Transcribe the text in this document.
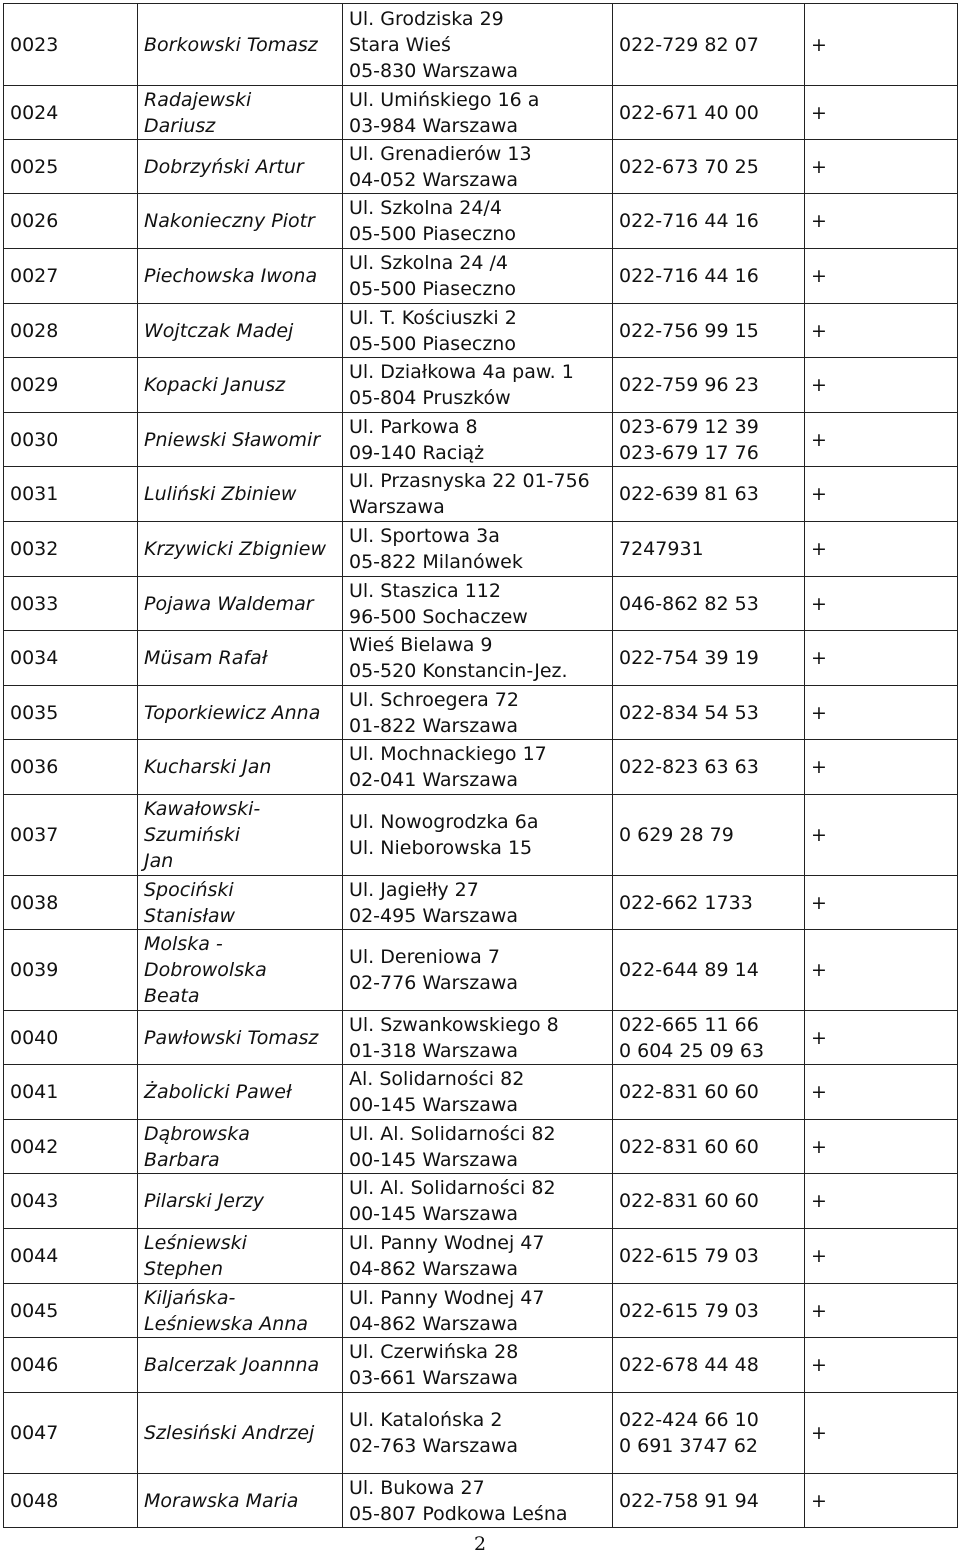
0023	Borkowski Tomasz	Ul. Grodziska 29
Stara Wieś
05-830 Warszawa	022-729 82 07	+
0024	Radajewski
Dariusz	Ul. Umińskiego 16 a
03-984 Warszawa	022-671 40 00	+
0025	Dobrzyński Artur	Ul. Grenadierów 13
04-052 Warszawa	022-673 70 25	+
0026	Nakonieczny Piotr	Ul. Szkolna 24/4
05-500 Piaseczno	022-716 44 16	+
0027	Piechowska Iwona	Ul. Szkolna 24 /4
05-500 Piaseczno	022-716 44 16	+
0028	Wojtczak Madej	Ul. T. Kościuszki 2
05-500 Piaseczno	022-756 99 15	+
0029	Kopacki Janusz	Ul. Działkowa 4a paw. 1
05-804 Pruszków	022-759 96 23	+
0030	Pniewski Sławomir	Ul. Parkowa 8
09-140 Raciąż	023-679 12 39
023-679 17 76	+
0031	Luliński Zbiniew	Ul. Przasnyska 22 01-756
Warszawa	022-639 81 63	+
0032	Krzywicki Zbigniew	Ul. Sportowa 3a
05-822 Milanówek	7247931	+
0033	Pojawa Waldemar	Ul. Staszica 112
96-500 Sochaczew	046-862 82 53	+
0034	Müsam Rafał	Wieś Bielawa 9
05-520 Konstancin-Jez.	022-754 39 19	+
0035	Toporkiewicz Anna	Ul. Schroegera 72
01-822 Warszawa	022-834 54 53	+
0036	Kucharski Jan	Ul. Mochnackiego 17
02-041 Warszawa	022-823 63 63	+
0037	Kawałowski-
Szumiński
Jan	Ul. Nowogrodzka 6a
Ul. Nieborowska 15	0 629 28 79	+
0038	Spociński
Stanisław	Ul. Jagiełły 27
02-495 Warszawa	022-662 1733	+
0039	Molska -
Dobrowolska
Beata	Ul. Dereniowa 7
02-776 Warszawa	022-644 89 14	+
0040	Pawłowski Tomasz	Ul. Szwankowskiego 8
01-318 Warszawa	022-665 11 66
0 604 25 09 63	+
0041	Żabolicki Paweł	Al. Solidarności 82
00-145 Warszawa	022-831 60 60	+
0042	Dąbrowska
Barbara	Ul. Al. Solidarności 82
00-145 Warszawa	022-831 60 60	+
0043	Pilarski Jerzy	Ul. Al. Solidarności 82
00-145 Warszawa	022-831 60 60	+
0044	Leśniewski
Stephen	Ul. Panny Wodnej 47
04-862 Warszawa	022-615 79 03	+
0045	Kiljańska-
Leśniewska Anna	Ul. Panny Wodnej 47
04-862 Warszawa	022-615 79 03	+
0046	Balcerzak Joannna	Ul. Czerwińska 28
03-661 Warszawa	022-678 44 48	+
0047	Szlesiński Andrzej	Ul. Katalońska 2
02-763 Warszawa	022-424 66 10
0 691 3747 62	+
0048	Morawska Maria	Ul. Bukowa 27
05-807 Podkowa Leśna	022-758 91 94	+
2
